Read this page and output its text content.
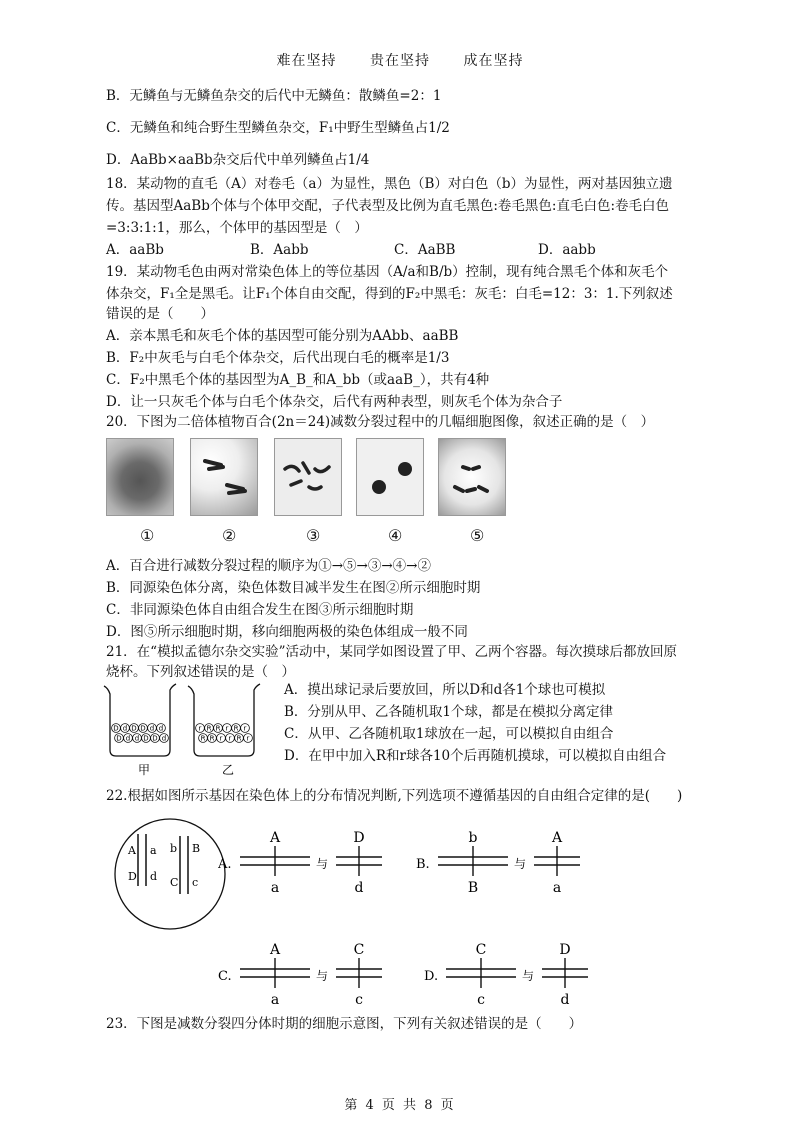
难在坚持 贵在坚持 成在坚持
B．无鳞鱼与无鳞鱼杂交的后代中无鳞鱼：散鳞鱼=2：1
C．无鳞鱼和纯合野生型鳞鱼杂交，F₁中野生型鳞鱼占1/2
D．AaBb×aaBb杂交后代中单列鳞鱼占1/4
18．某动物的直毛（A）对卷毛（a）为显性，黑色（B）对白色（b）为显性，两对基因独立遗
传。基因型AaBb个体与个体甲交配，子代表型及比例为直毛黑色:卷毛黑色:直毛白色:卷毛白色
=3:3:1:1，那么，个体甲的基因型是（　）
A．aaBb	B．Aabb	C．AaBB	D．aabb
19．某动物毛色由两对常染色体上的等位基因（A/a和B/b）控制，现有纯合黑毛个体和灰毛个
体杂交，F₁全是黑毛。让F₁个体自由交配，得到的F₂中黑毛：灰毛：白毛=12：3：1.下列叙述
错误的是（　　）
A．亲本黑毛和灰毛个体的基因型可能分别为AAbb、aaBB
B．F₂中灰毛与白毛个体杂交，后代出现白毛的概率是1/3
C．F₂中黑毛个体的基因型为A_B_和A_bb（或aaB_），共有4种
D．让一只灰毛个体与白毛个体杂交，后代有两种表型，则灰毛个体为杂合子
20．下图为二倍体植物百合(2n＝24)减数分裂过程中的几幅细胞图像，叙述正确的是（　）
①	②	③	④	⑤
A．百合进行减数分裂过程的顺序为①→⑤→③→④→②
B．同源染色体分离，染色体数目减半发生在图②所示细胞时期
C．非同源染色体自由组合发生在图③所示细胞时期
D．图⑤所示细胞时期，移向细胞两极的染色体组成一般不同
21．在“模拟孟德尔杂交实验”活动中，某同学如图设置了甲、乙两个容器。每次摸球后都放回原
烧杯。下列叙述错误的是（　）
D d D D d d
D d d D D d
r R R r R r
R R r r R r
甲	乙
A．摸出球记录后要放回，所以D和d各1个球也可模拟
B．分别从甲、乙各随机取1个球，都是在模拟分离定律
C．从甲、乙各随机取1球放在一起，可以模拟自由组合
D．在甲中加入R和r球各10个后再随机摸球，可以模拟自由组合
22.根据如图所示基因在染色体上的分布情况判断,下列选项不遵循基因的自由组合定律的是(　　)
A a
D d
b B
C c
A.
A
a
与
D
d
B.
b
B
与
A
a
C.
A
a
与
C
c
D.
C
c
与
D
d
23．下图是减数分裂四分体时期的细胞示意图，下列有关叙述错误的是（　　）
第 4 页 共 8 页
